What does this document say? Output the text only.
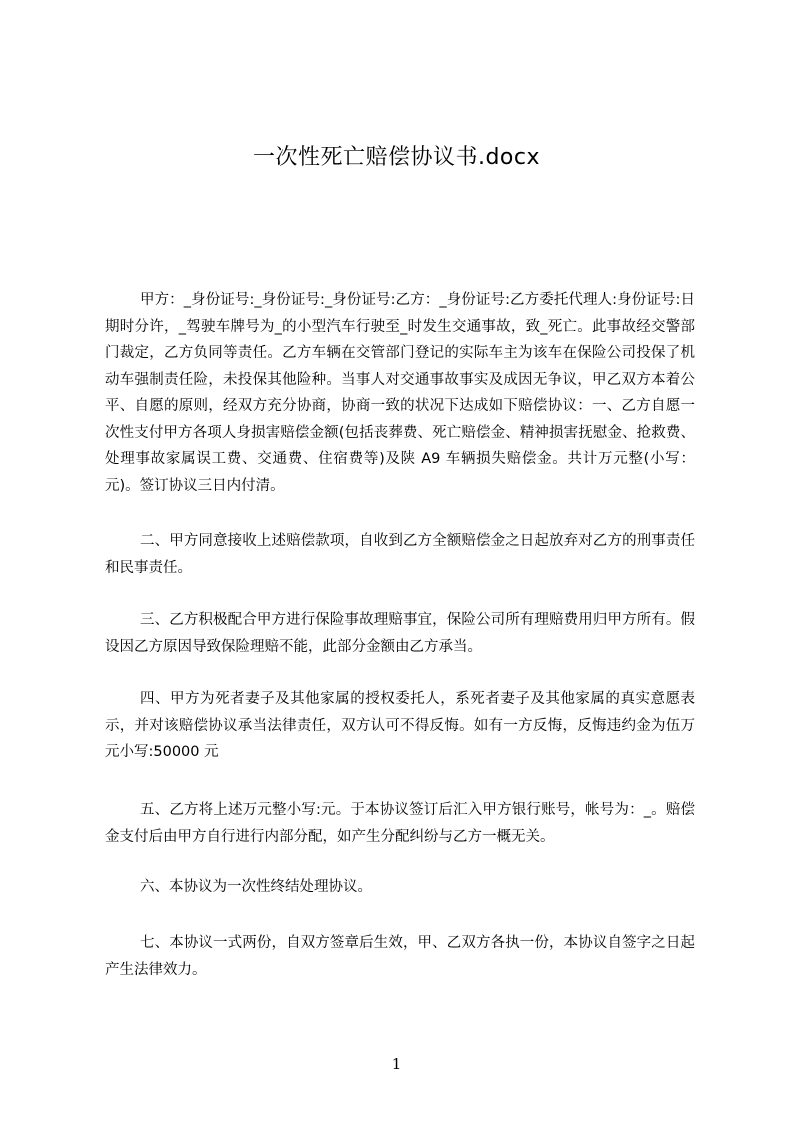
一次性死亡赔偿协议书.docx
甲方：_身份证号:_身份证号:_身份证号:乙方：_身份证号:乙方委托代理人:身份证号:日期时分许，_驾驶车牌号为_的小型汽车行驶至_时发生交通事故，致_死亡。此事故经交警部门裁定，乙方负同等责任。乙方车辆在交管部门登记的实际车主为该车在保险公司投保了机动车强制责任险，未投保其他险种。当事人对交通事故事实及成因无争议，甲乙双方本着公平、自愿的原则，经双方充分协商，协商一致的状况下达成如下赔偿协议：一、乙方自愿一次性支付甲方各项人身损害赔偿金额(包括丧葬费、死亡赔偿金、精神损害抚慰金、抢救费、处理事故家属误工费、交通费、住宿费等)及陕 A9 车辆损失赔偿金。共计万元整(小写：元)。签订协议三日内付清。
二、甲方同意接收上述赔偿款项，自收到乙方全额赔偿金之日起放弃对乙方的刑事责任和民事责任。
三、乙方积极配合甲方进行保险事故理赔事宜，保险公司所有理赔费用归甲方所有。假设因乙方原因导致保险理赔不能，此部分金额由乙方承当。
四、甲方为死者妻子及其他家属的授权委托人，系死者妻子及其他家属的真实意愿表示，并对该赔偿协议承当法律责任，双方认可不得反悔。如有一方反悔，反悔违约金为伍万元小写:50000 元
五、乙方将上述万元整小写:元。于本协议签订后汇入甲方银行账号，帐号为：_。赔偿金支付后由甲方自行进行内部分配，如产生分配纠纷与乙方一概无关。
六、本协议为一次性终结处理协议。
七、本协议一式两份，自双方签章后生效，甲、乙双方各执一份，本协议自签字之日起产生法律效力。
1
